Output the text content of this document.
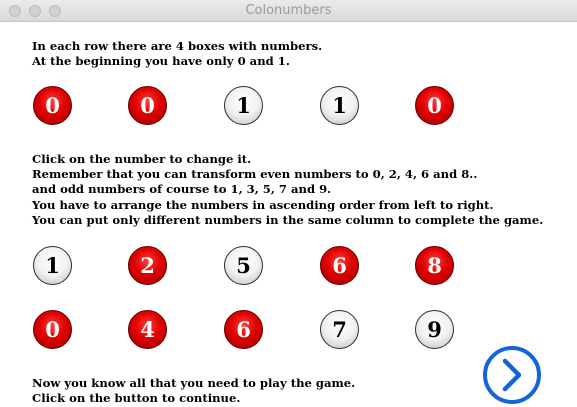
Colonumbers
In each row there are 4 boxes with numbers.
At the beginning you have only 0 and 1.
Click on the number to change it.
Remember that you can transform even numbers to 0, 2, 4, 6 and 8..
and odd numbers of course to 1, 3, 5, 7 and 9.
You have to arrange the numbers in ascending order from left to right.
You can put only different numbers in the same column to complete the game.
Now you know all that you need to play the game.
Click on the button to continue.
0	0	1	1	0
1	2	5	6	8
0	4	6	7	9
